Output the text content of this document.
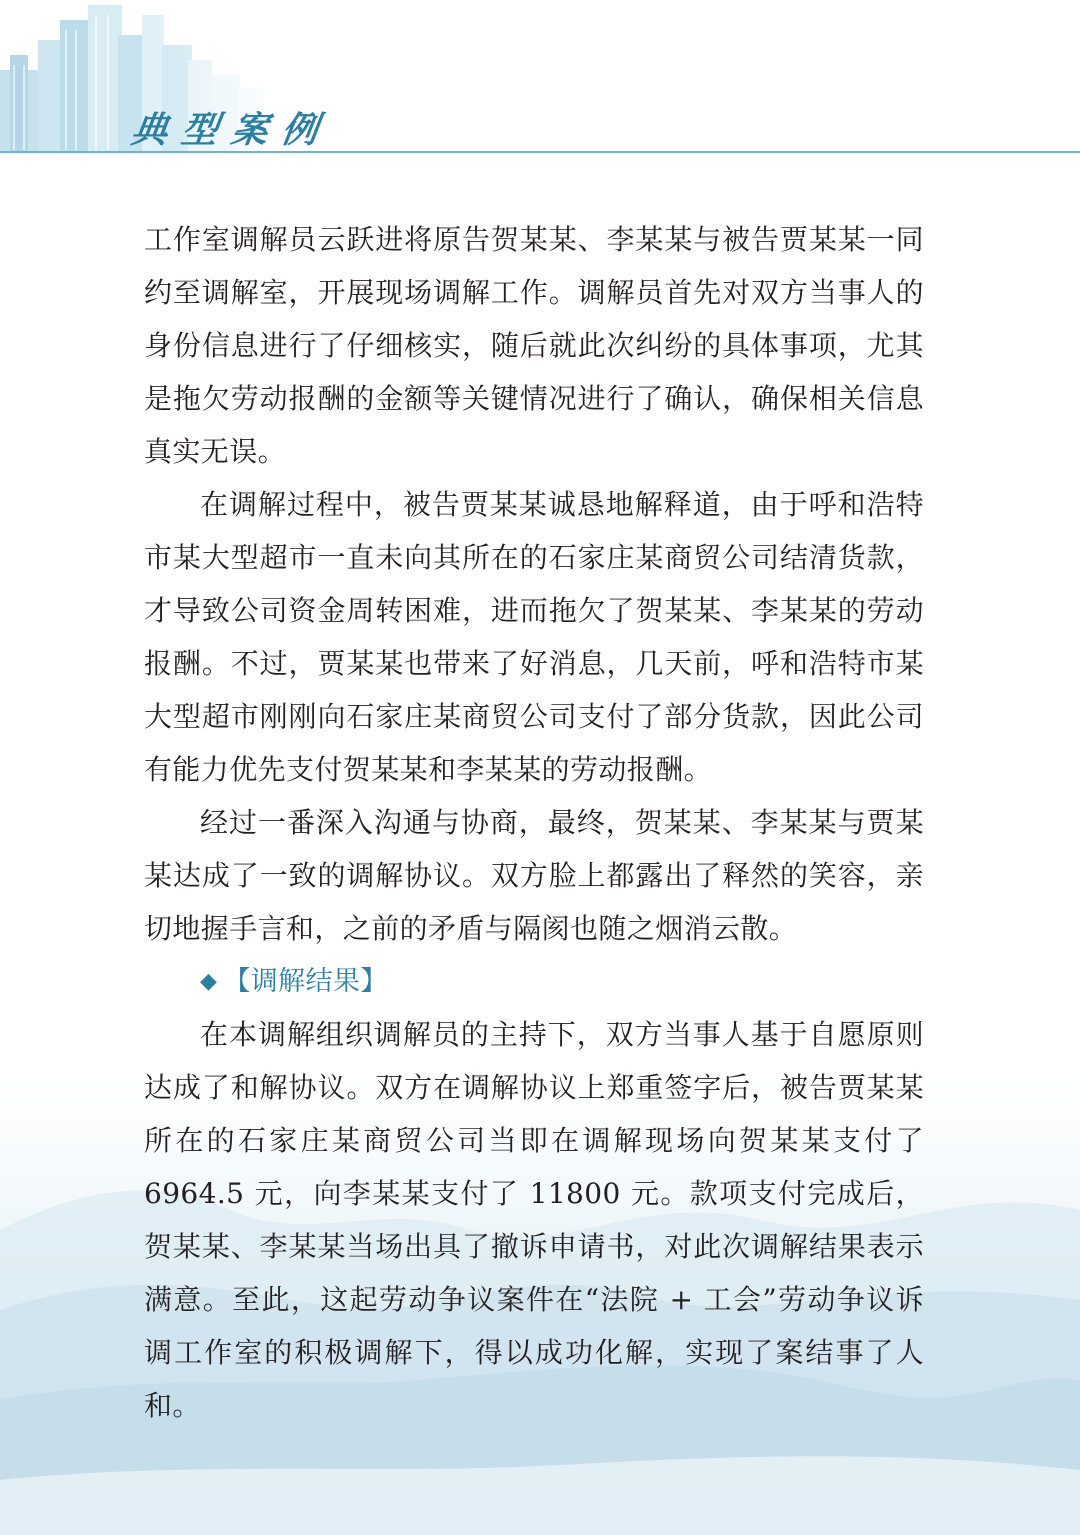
典型案例

工作室调解员云跃进将原告贺某某、李某某与被告贾某某一同约至调解室，开展现场调解工作。调解员首先对双方当事人的身份信息进行了仔细核实，随后就此次纠纷的具体事项，尤其是拖欠劳动报酬的金额等关键情况进行了确认，确保相关信息真实无误。

在调解过程中，被告贾某某诚恳地解释道，由于呼和浩特市某大型超市一直未向其所在的石家庄某商贸公司结清货款，才导致公司资金周转困难，进而拖欠了贺某某、李某某的劳动报酬。不过，贾某某也带来了好消息，几天前，呼和浩特市某大型超市刚刚向石家庄某商贸公司支付了部分货款，因此公司有能力优先支付贺某某和李某某的劳动报酬。

经过一番深入沟通与协商，最终，贺某某、李某某与贾某某达成了一致的调解协议。双方脸上都露出了释然的笑容，亲切地握手言和，之前的矛盾与隔阂也随之烟消云散。

◆ 【调解结果】

在本调解组织调解员的主持下，双方当事人基于自愿原则达成了和解协议。双方在调解协议上郑重签字后，被告贾某某所在的石家庄某商贸公司当即在调解现场向贺某某支付了6964.5 元，向李某某支付了 11800 元。款项支付完成后，贺某某、李某某当场出具了撤诉申请书，对此次调解结果表示满意。至此，这起劳动争议案件在“法院 + 工会”劳动争议诉调工作室的积极调解下，得以成功化解，实现了案结事了人和。
